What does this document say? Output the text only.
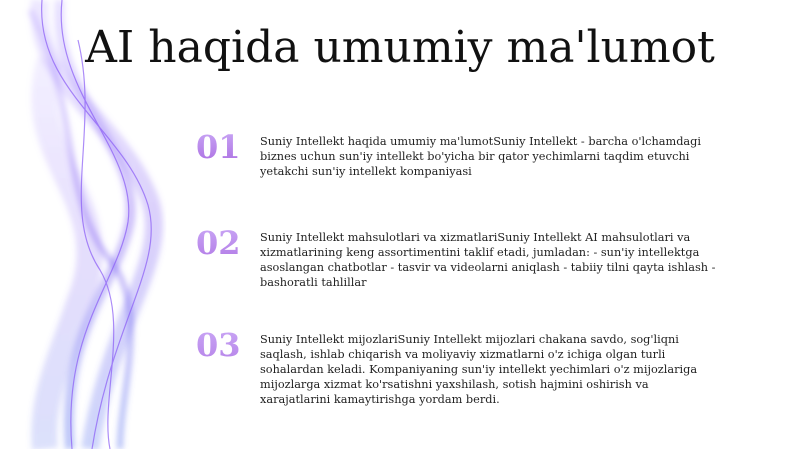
AI haqida umumiy ma'lumot
01	Suniy Intellekt haqida umumiy ma'lumotSuniy Intellekt - barcha o'lchamdagi biznes uchun sun'iy intellekt bo'yicha bir qator yechimlarni taqdim etuvchi yetakchi sun'iy intellekt kompaniyasi

02	Suniy Intellekt mahsulotlari va xizmatlariSuniy Intellekt AI mahsulotlari va xizmatlarining keng assortimentini taklif etadi, jumladan: - sun'iy intellektga asoslangan chatbotlar - tasvir va videolarni aniqlash - tabiiy tilni qayta ishlash - bashoratli tahlillar

03	Suniy Intellekt mijozlariSuniy Intellekt mijozlari chakana savdo, sog'liqni saqlash, ishlab chiqarish va moliyaviy xizmatlarni o'z ichiga olgan turli sohalardan keladi. Kompaniyaning sun'iy intellekt yechimlari o'z mijozlariga mijozlarga xizmat ko'rsatishni yaxshilash, sotish hajmini oshirish va xarajatlarini kamaytirishga yordam berdi.
